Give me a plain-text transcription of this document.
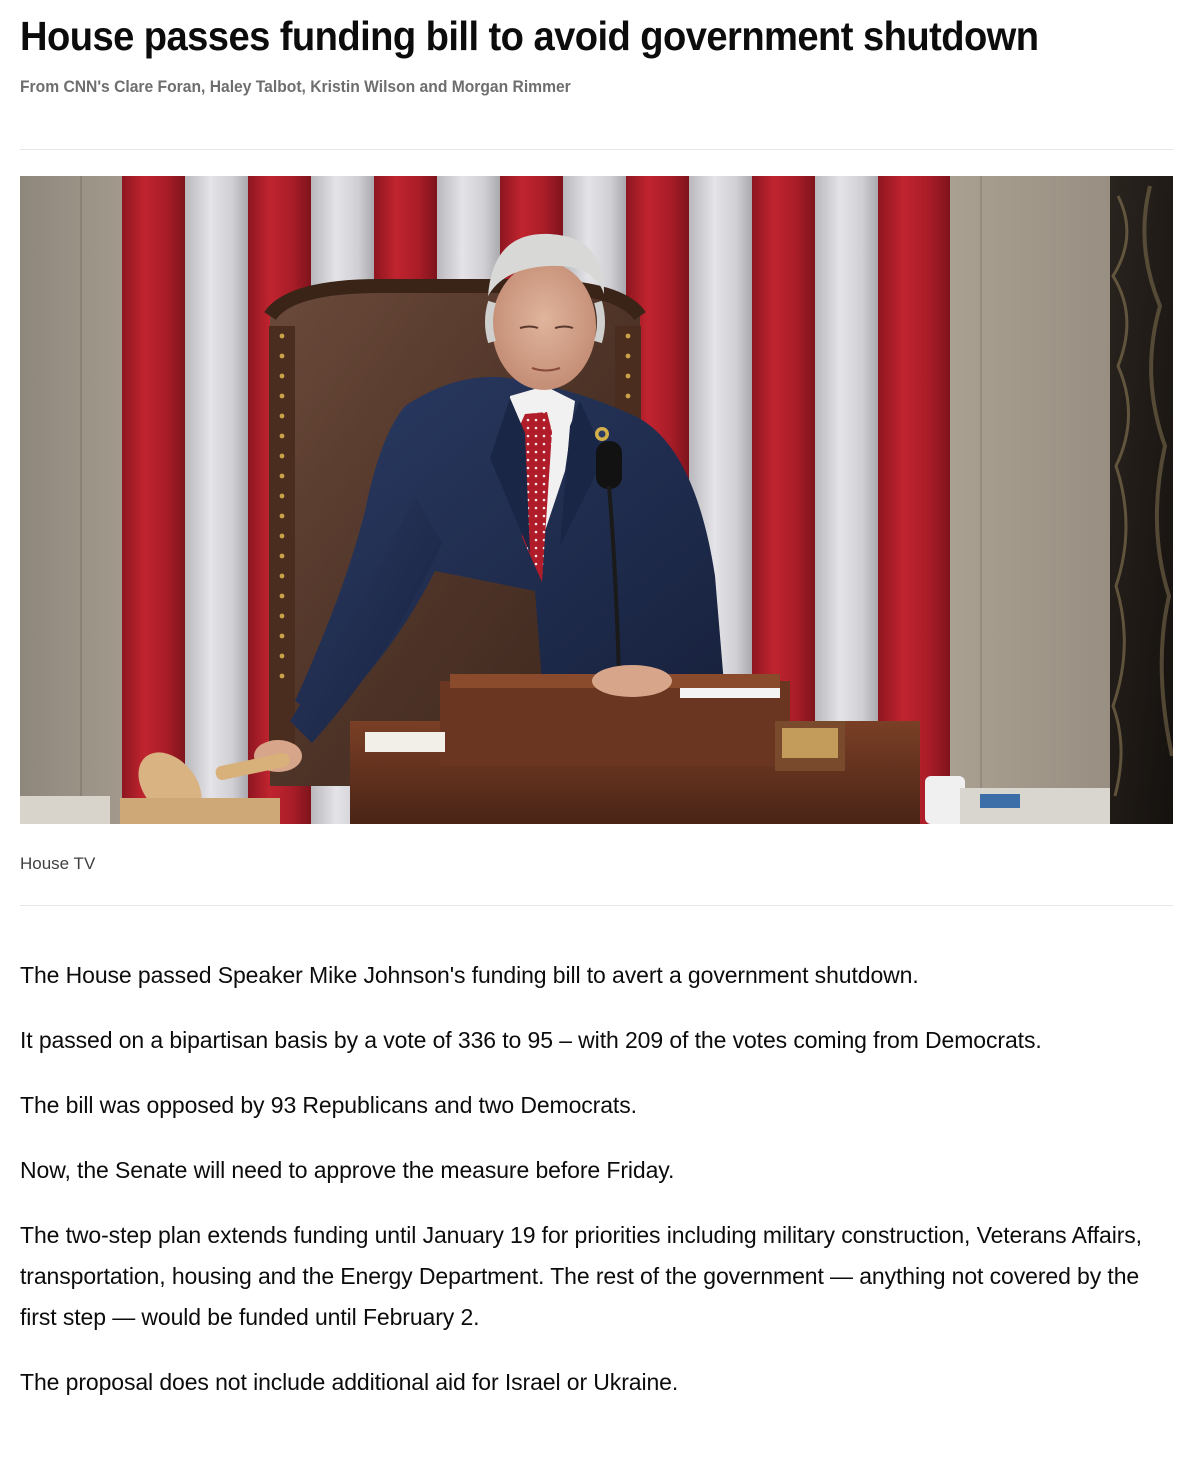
House passes funding bill to avoid government shutdown
From CNN's Clare Foran, Haley Talbot, Kristin Wilson and Morgan Rimmer
House TV

The House passed Speaker Mike Johnson's funding bill to avert a government shutdown.

It passed on a bipartisan basis by a vote of 336 to 95 – with 209 of the votes coming from Democrats.

The bill was opposed by 93 Republicans and two Democrats.

Now, the Senate will need to approve the measure before Friday.

The two-step plan extends funding until January 19 for priorities including military construction, Veterans Affairs, transportation, housing and the Energy Department. The rest of the government — anything not covered by the first step — would be funded until February 2.

The proposal does not include additional aid for Israel or Ukraine.
